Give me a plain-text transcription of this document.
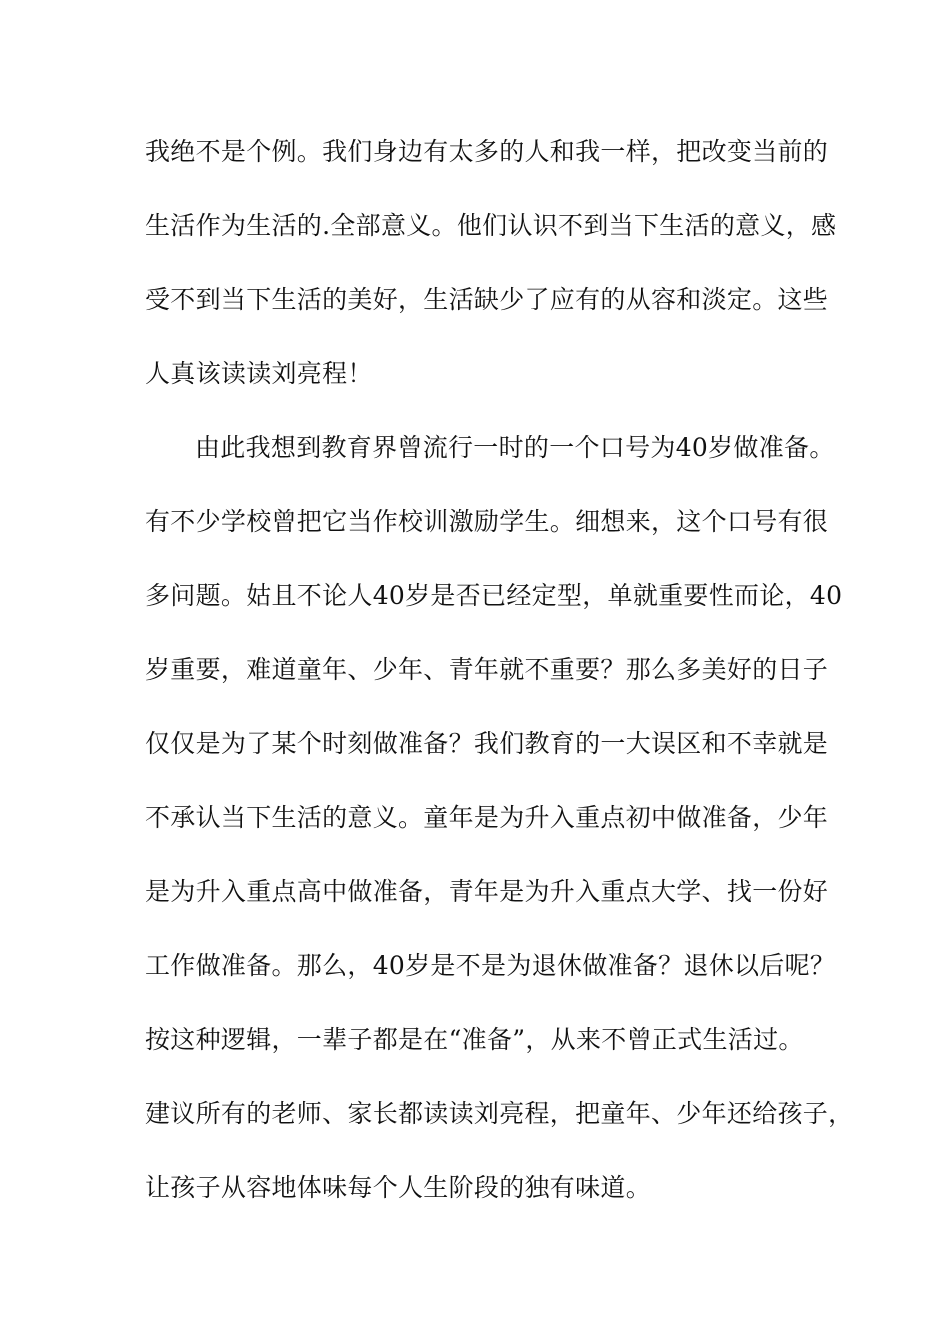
我绝不是个例。我们身边有太多的人和我一样，把改变当前的
生活作为生活的.全部意义。他们认识不到当下生活的意义，感
受不到当下生活的美好，生活缺少了应有的从容和淡定。这些
人真该读读刘亮程！
由此我想到教育界曾流行一时的一个口号为40岁做准备。
有不少学校曾把它当作校训激励学生。细想来，这个口号有很
多问题。姑且不论人40岁是否已经定型，单就重要性而论，40
岁重要，难道童年、少年、青年就不重要？那么多美好的日子
仅仅是为了某个时刻做准备？我们教育的一大误区和不幸就是
不承认当下生活的意义。童年是为升入重点初中做准备，少年
是为升入重点高中做准备，青年是为升入重点大学、找一份好
工作做准备。那么，40岁是不是为退休做准备？退休以后呢？
按这种逻辑，一辈子都是在“准备”，从来不曾正式生活过。
建议所有的老师、家长都读读刘亮程，把童年、少年还给孩子，
让孩子从容地体味每个人生阶段的独有味道。
